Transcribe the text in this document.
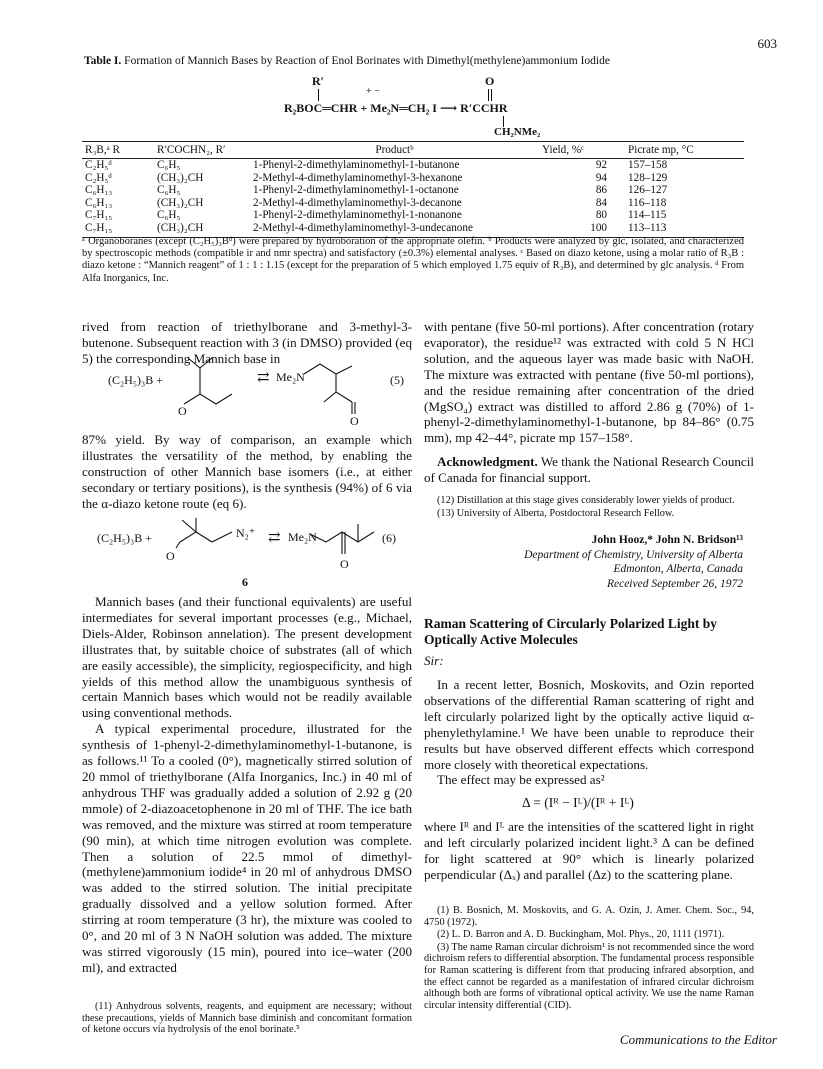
603
Table I. Formation of Mannich Bases by Reaction of Enol Borinates with Dimethyl(methylene)ammonium Iodide
R′	O
+ −
R₂BOC═CHR + Me₂N═CH₂ I ⟶ R′CCHR
CH₂NMe₂
R₃B,ᵃ R	R′COCHN₂, R′	Productᵇ	Yield, %ᶜ	Picrate mp, °C
C₂H₅ᵈ	C₆H₅	1-Phenyl-2-dimethylaminomethyl-1-butanone	92	157–158
C₂H₅ᵈ	(CH₃)₂CH	2-Methyl-4-dimethylaminomethyl-3-hexanone	94	128–129
C₆H₁₃	C₆H₅	1-Phenyl-2-dimethylaminomethyl-1-octanone	86	126–127
C₆H₁₃	(CH₃)₂CH	2-Methyl-4-dimethylaminomethyl-3-decanone	84	116–118
C₇H₁₅	C₆H₅	1-Phenyl-2-dimethylaminomethyl-1-nonanone	80	114–115
C₇H₁₅	(CH₃)₂CH	2-Methyl-4-dimethylaminomethyl-3-undecanone	100	113–113
ᵃ Organoboranes (except (C₂H₅)₃Bᵈ) were prepared by hydroboration of the appropriate olefin. ᵇ Products were analyzed by glc, isolated, and characterized by spectroscopic methods (compatible ir and nmr spectra) and satisfactory (±0.3%) elemental analyses. ᶜ Based on diazo ketone, using a molar ratio of R₃B : diazo ketone : “Mannich reagent” of 1 : 1 : 1.15 (except for the preparation of 5 which employed 1.75 equiv of R₃B), and determined by glc analysis. ᵈ From Alfa Inorganics, Inc.

rived from reaction of triethylborane and 3-methyl-3-butenone. Subsequent reaction with 3 (in DMSO) provided (eq 5) the corresponding Mannich base in

(C₂H₅)₃B +
O
⇄ Me₂N
O
(5)

87% yield. By way of comparison, an example which illustrates the versatility of the method, by enabling the construction of other Mannich base isomers (i.e., at either secondary or tertiary positions), is the synthesis (94%) of 6 via the α-diazo ketone route (eq 6).

(C₂H₅)₃B +
O
N₂⁺ ⇄ Me₂N
O
(6)
6

Mannich bases (and their functional equivalents) are useful intermediates for several important processes (e.g., Michael, Diels-Alder, Robinson annelation). The present development illustrates that, by suitable choice of substrates (all of which are easily accessible), the simplicity, regiospecificity, and high yields of this method allow the unambiguous synthesis of certain Mannich bases which would not be readily available using conventional methods.

A typical experimental procedure, illustrated for the synthesis of 1-phenyl-2-dimethylaminomethyl-1-butanone, is as follows.¹¹ To a cooled (0°), magnetically stirred solution of 20 mmol of triethylborane (Alfa Inorganics, Inc.) in 40 ml of anhydrous THF was gradually added a solution of 2.92 g (20 mmole) of 2-diazoacetophenone in 20 ml of THF. The ice bath was removed, and the mixture was stirred at room temperature (90 min), at which time nitrogen evolution was complete. Then a solution of 22.5 mmol of dimethyl-(methylene)ammonium iodide⁴ in 20 ml of anhydrous DMSO was added to the stirred solution. The initial precipitate gradually dissolved and a yellow solution formed. After stirring at room temperature (3 hr), the mixture was cooled to 0°, and 20 ml of 3 N NaOH solution was added. The mixture was stirred vigorously (15 min), poured into ice–water (200 ml), and extracted

(11) Anhydrous solvents, reagents, and equipment are necessary; without these precautions, yields of Mannich base diminish and concomitant formation of ketone occurs via hydrolysis of the enol borinate.⁵

with pentane (five 50-ml portions). After concentration (rotary evaporator), the residue¹² was extracted with cold 5 N HCl solution, and the aqueous layer was made basic with NaOH. The mixture was extracted with pentane (five 50-ml portions), and the residue remaining after concentration of the dried (MgSO₄) extract was distilled to afford 2.86 g (70%) of 1-phenyl-2-dimethylaminomethyl-1-butanone, bp 84–86° (0.75 mm), mp 42–44°, picrate mp 157–158°.

Acknowledgment. We thank the National Research Council of Canada for financial support.

(12) Distillation at this stage gives considerably lower yields of product.

(13) University of Alberta, Postdoctoral Research Fellow.

John Hooz,* John N. Bridson¹³
Department of Chemistry, University of Alberta
Edmonton, Alberta, Canada
Received September 26, 1972
Raman Scattering of Circularly Polarized Light by Optically Active Molecules
Sir:

In a recent letter, Bosnich, Moskovits, and Ozin reported observations of the differential Raman scattering of right and left circularly polarized light by the optically active liquid α-phenylethylamine.¹ We have been unable to reproduce their results but have observed different effects which correspond more closely with theoretical expectations.

The effect may be expressed as²

Δ = (Iᴿ − Iᴸ)/(Iᴿ + Iᴸ)

where Iᴿ and Iᴸ are the intensities of the scattered light in right and left circularly polarized incident light.³ Δ can be defined for light scattered at 90° which is linearly polarized perpendicular (Δₓ) and parallel (Δz) to the scattering plane.

(1) B. Bosnich, M. Moskovits, and G. A. Ozin, J. Amer. Chem. Soc., 94, 4750 (1972).

(2) L. D. Barron and A. D. Buckingham, Mol. Phys., 20, 1111 (1971).

(3) The name Raman circular dichroism¹ is not recommended since the word dichroism refers to differential absorption. The fundamental process responsible for Raman scattering is different from that producing infrared absorption, and the effect cannot be regarded as a manifestation of infrared circular dichroism although both are forms of vibrational optical activity. We use the name Raman circular intensity differential (CID).

Communications to the Editor
